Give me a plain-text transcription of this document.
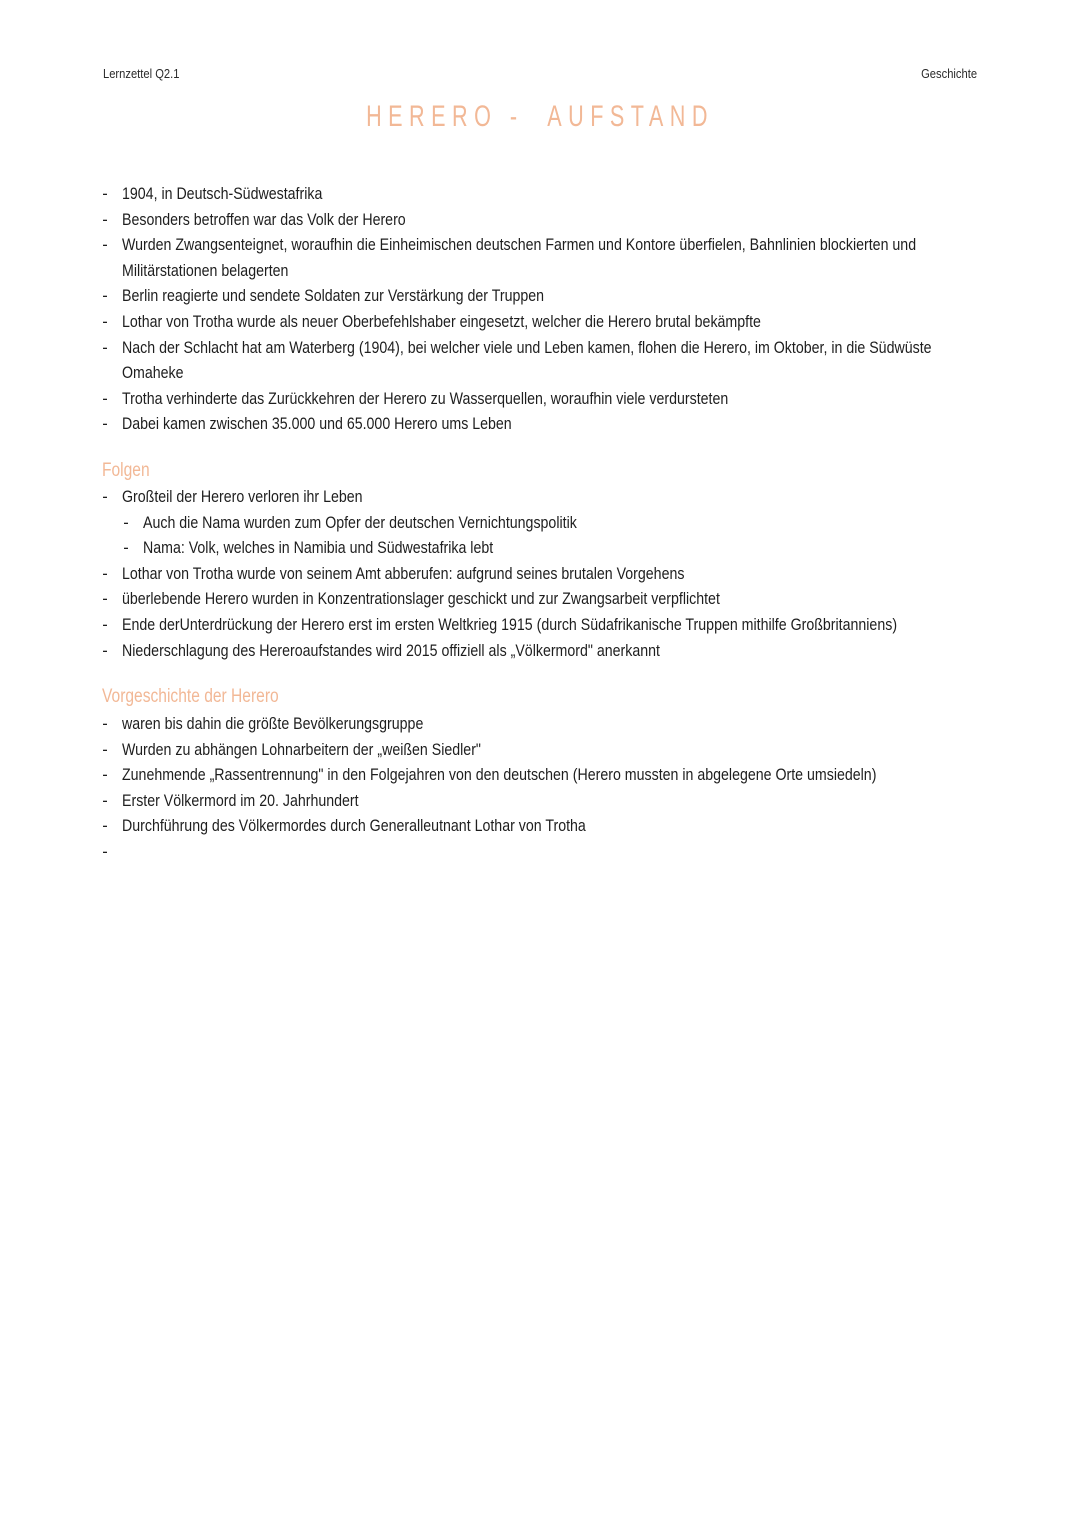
Lernzettel Q2.1	Geschichte
HERERO -  AUFSTAND
- 1904, in Deutsch-Südwestafrika
- Besonders betroffen war das Volk der Herero
- Wurden Zwangsenteignet, woraufhin die Einheimischen deutschen Farmen und Kontore überfielen, Bahnlinien blockierten und Militärstationen belagerten
- Berlin reagierte und sendete Soldaten zur Verstärkung der Truppen
- Lothar von Trotha wurde als neuer Oberbefehlshaber eingesetzt, welcher die Herero brutal bekämpfte
- Nach der Schlacht hat am Waterberg (1904), bei welcher viele und Leben kamen, flohen die Herero, im Oktober, in die Südwüste Omaheke
- Trotha verhinderte das Zurückkehren der Herero zu Wasserquellen, woraufhin viele verdursteten
- Dabei kamen zwischen 35.000 und 65.000 Herero ums Leben
Folgen
- Großteil der Herero verloren ihr Leben
- Auch die Nama wurden zum Opfer der deutschen Vernichtungspolitik
- Nama: Volk, welches in Namibia und Südwestafrika lebt
- Lothar von Trotha wurde von seinem Amt abberufen: aufgrund seines brutalen Vorgehens
- überlebende Herero wurden in Konzentrationslager geschickt und zur Zwangsarbeit verpflichtet
- Ende derUnterdrückung der Herero erst im ersten Weltkrieg 1915 (durch Südafrikanische Truppen mithilfe Großbritanniens)
- Niederschlagung des Hereroaufstandes wird 2015 offiziell als „Völkermord" anerkannt
Vorgeschichte der Herero
- waren bis dahin die größte Bevölkerungsgruppe
- Wurden zu abhängen Lohnarbeitern der „weißen Siedler"
- Zunehmende „Rassentrennung" in den Folgejahren von den deutschen (Herero mussten in abgelegene Orte umsiedeln)
- Erster Völkermord im 20. Jahrhundert
- Durchführung des Völkermordes durch Generalleutnant Lothar von Trotha
-
